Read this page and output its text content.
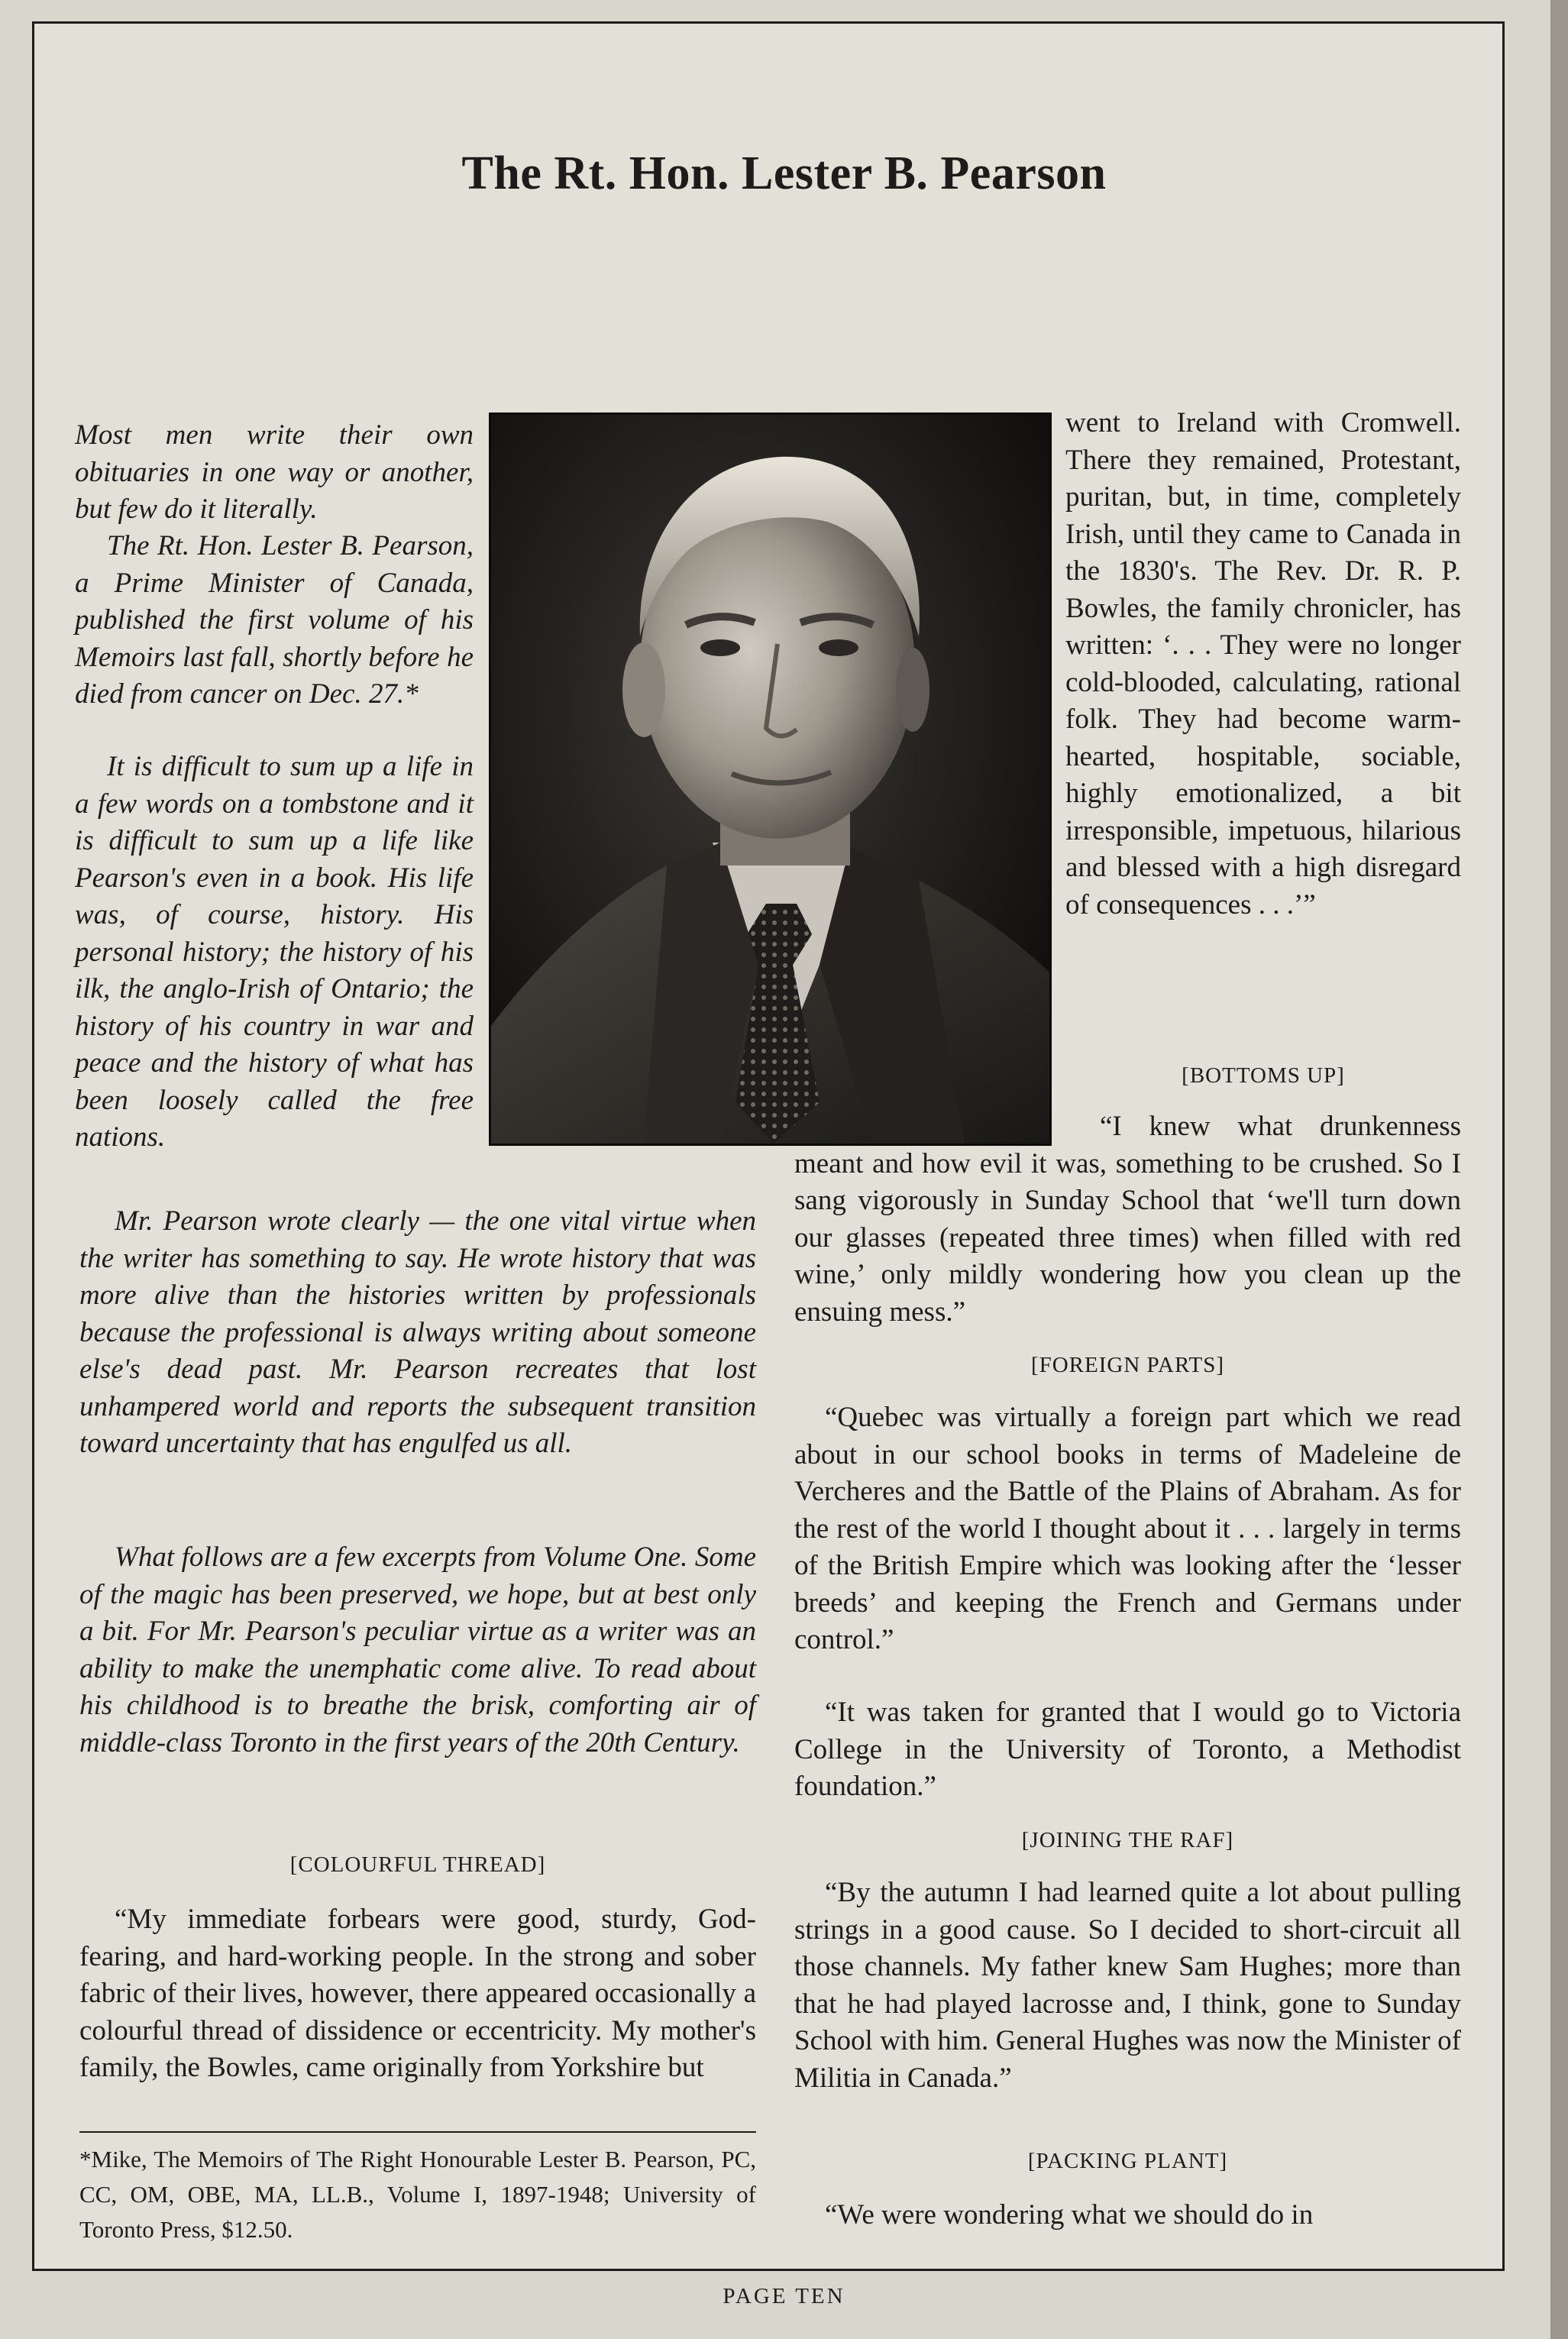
The Rt. Hon. Lester B. Pearson

Most men write their own obituaries in one way or another, but few do it literally.

The Rt. Hon. Lester B. Pearson, a Prime Minister of Canada, published the first volume of his Memoirs last fall, shortly before he died from cancer on Dec. 27.*

It is difficult to sum up a life in a few words on a tombstone and it is difficult to sum up a life like Pearson's even in a book. His life was, of course, history. His personal history; the history of his ilk, the anglo-Irish of Ontario; the history of his country in war and peace and the history of what has been loosely called the free nations.

Mr. Pearson wrote clearly — the one vital virtue when the writer has something to say. He wrote history that was more alive than the histories written by professionals because the professional is always writing about someone else's dead past. Mr. Pearson recreates that lost unhampered world and reports the subsequent transition toward uncertainty that has engulfed us all.

What follows are a few excerpts from Volume One. Some of the magic has been preserved, we hope, but at best only a bit. For Mr. Pearson's peculiar virtue as a writer was an ability to make the unemphatic come alive. To read about his childhood is to breathe the brisk, comforting air of middle-class Toronto in the first years of the 20th Century.

[COLOURFUL THREAD]

“My immediate forbears were good, sturdy, God-fearing, and hard-working people. In the strong and sober fabric of their lives, however, there appeared occasionally a colourful thread of dissidence or eccentricity. My mother's family, the Bowles, came originally from Yorkshire but

went to Ireland with Cromwell. There they remained, Protestant, puritan, but, in time, completely Irish, until they came to Canada in the 1830's. The Rev. Dr. R. P. Bowles, the family chronicler, has written: ‘. . . They were no longer cold-blooded, calculating, rational folk. They had become warm-hearted, hospitable, sociable, highly emotionalized, a bit irresponsible, impetuous, hilarious and blessed with a high disregard of consequences . . .’”

[BOTTOMS UP]

“I knew what drunkenness meant and how evil it was, something to be crushed. So I sang vigorously in Sunday School that ‘we'll turn down our glasses (repeated three times) when filled with red wine,’ only mildly wondering how you clean up the ensuing mess.”

[FOREIGN PARTS]

“Quebec was virtually a foreign part which we read about in our school books in terms of Madeleine de Vercheres and the Battle of the Plains of Abraham. As for the rest of the world I thought about it . . . largely in terms of the British Empire which was looking after the ‘lesser breeds’ and keeping the French and Germans under control.”

“It was taken for granted that I would go to Victoria College in the University of Toronto, a Methodist foundation.”

[JOINING THE RAF]

“By the autumn I had learned quite a lot about pulling strings in a good cause. So I decided to short-circuit all those channels. My father knew Sam Hughes; more than that he had played lacrosse and, I think, gone to Sunday School with him. General Hughes was now the Minister of Militia in Canada.”

[PACKING PLANT]

“We were wondering what we should do in

*Mike, The Memoirs of The Right Honourable Lester B. Pearson, PC, CC, OM, OBE, MA, LL.B., Volume I, 1897-1948; University of Toronto Press, $12.50.

PAGE TEN
